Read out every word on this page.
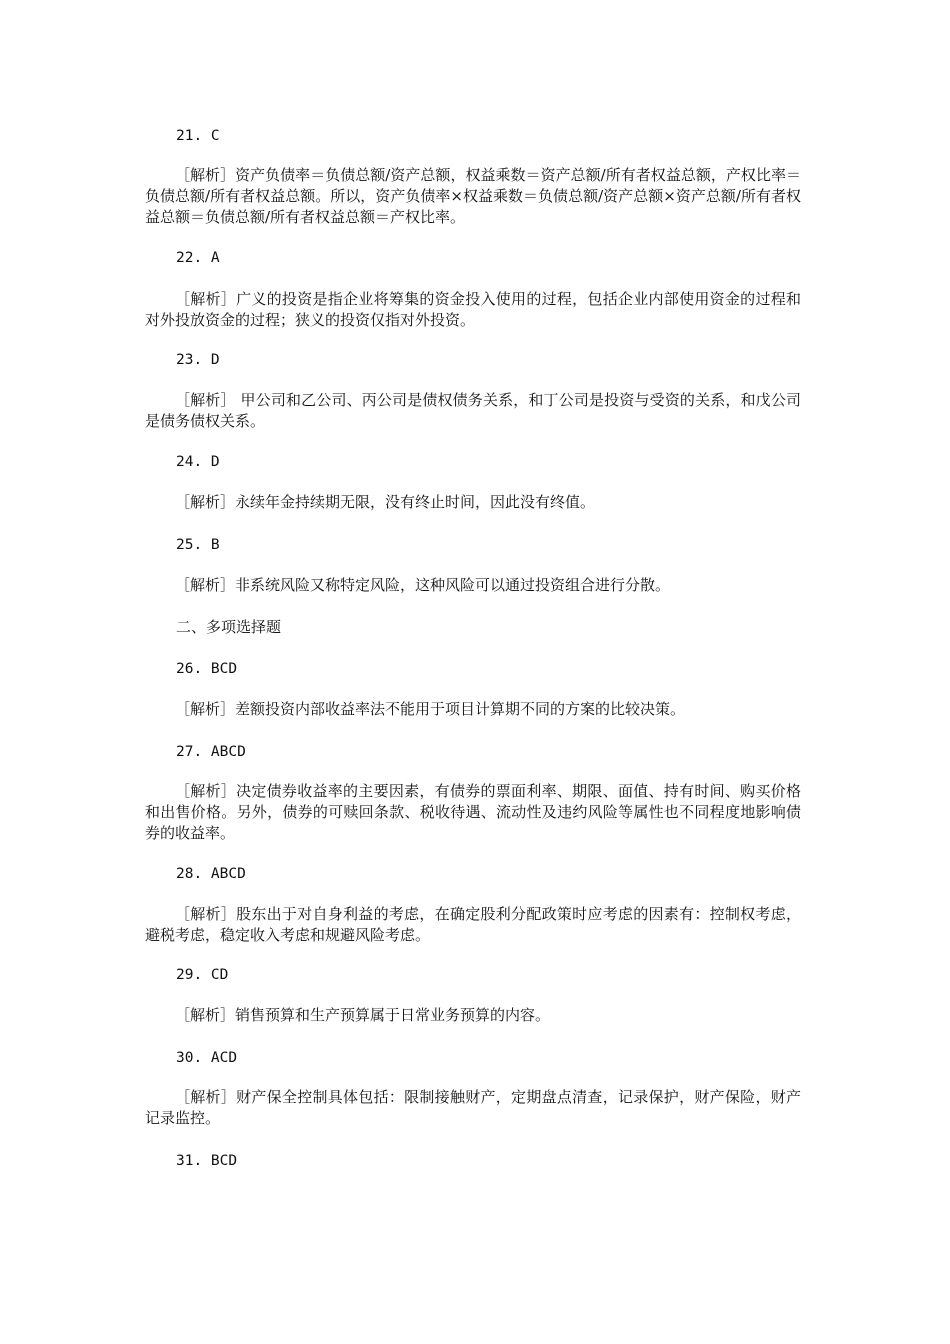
21. C

［解析］资产负债率＝负债总额/资产总额，权益乘数＝资产总额/所有者权益总额，产权比率＝负债总额/所有者权益总额。所以，资产负债率×权益乘数＝负债总额/资产总额×资产总额/所有者权益总额＝负债总额/所有者权益总额＝产权比率。

22. A

［解析］广义的投资是指企业将筹集的资金投入使用的过程，包括企业内部使用资金的过程和对外投放资金的过程；狭义的投资仅指对外投资。

23. D

［解析］ 甲公司和乙公司、丙公司是债权债务关系，和丁公司是投资与受资的关系，和戊公司是债务债权关系。

24. D

［解析］永续年金持续期无限，没有终止时间，因此没有终值。

25. B

［解析］非系统风险又称特定风险，这种风险可以通过投资组合进行分散。

二、多项选择题
26. BCD

［解析］差额投资内部收益率法不能用于项目计算期不同的方案的比较决策。

27. ABCD

［解析］决定债券收益率的主要因素，有债券的票面利率、期限、面值、持有时间、购买价格和出售价格。另外，债券的可赎回条款、税收待遇、流动性及违约风险等属性也不同程度地影响债券的收益率。

28. ABCD

［解析］股东出于对自身利益的考虑，在确定股利分配政策时应考虑的因素有：控制权考虑，避税考虑，稳定收入考虑和规避风险考虑。

29. CD

［解析］销售预算和生产预算属于日常业务预算的内容。

30. ACD

［解析］财产保全控制具体包括：限制接触财产，定期盘点清查，记录保护，财产保险，财产记录监控。

31. BCD
